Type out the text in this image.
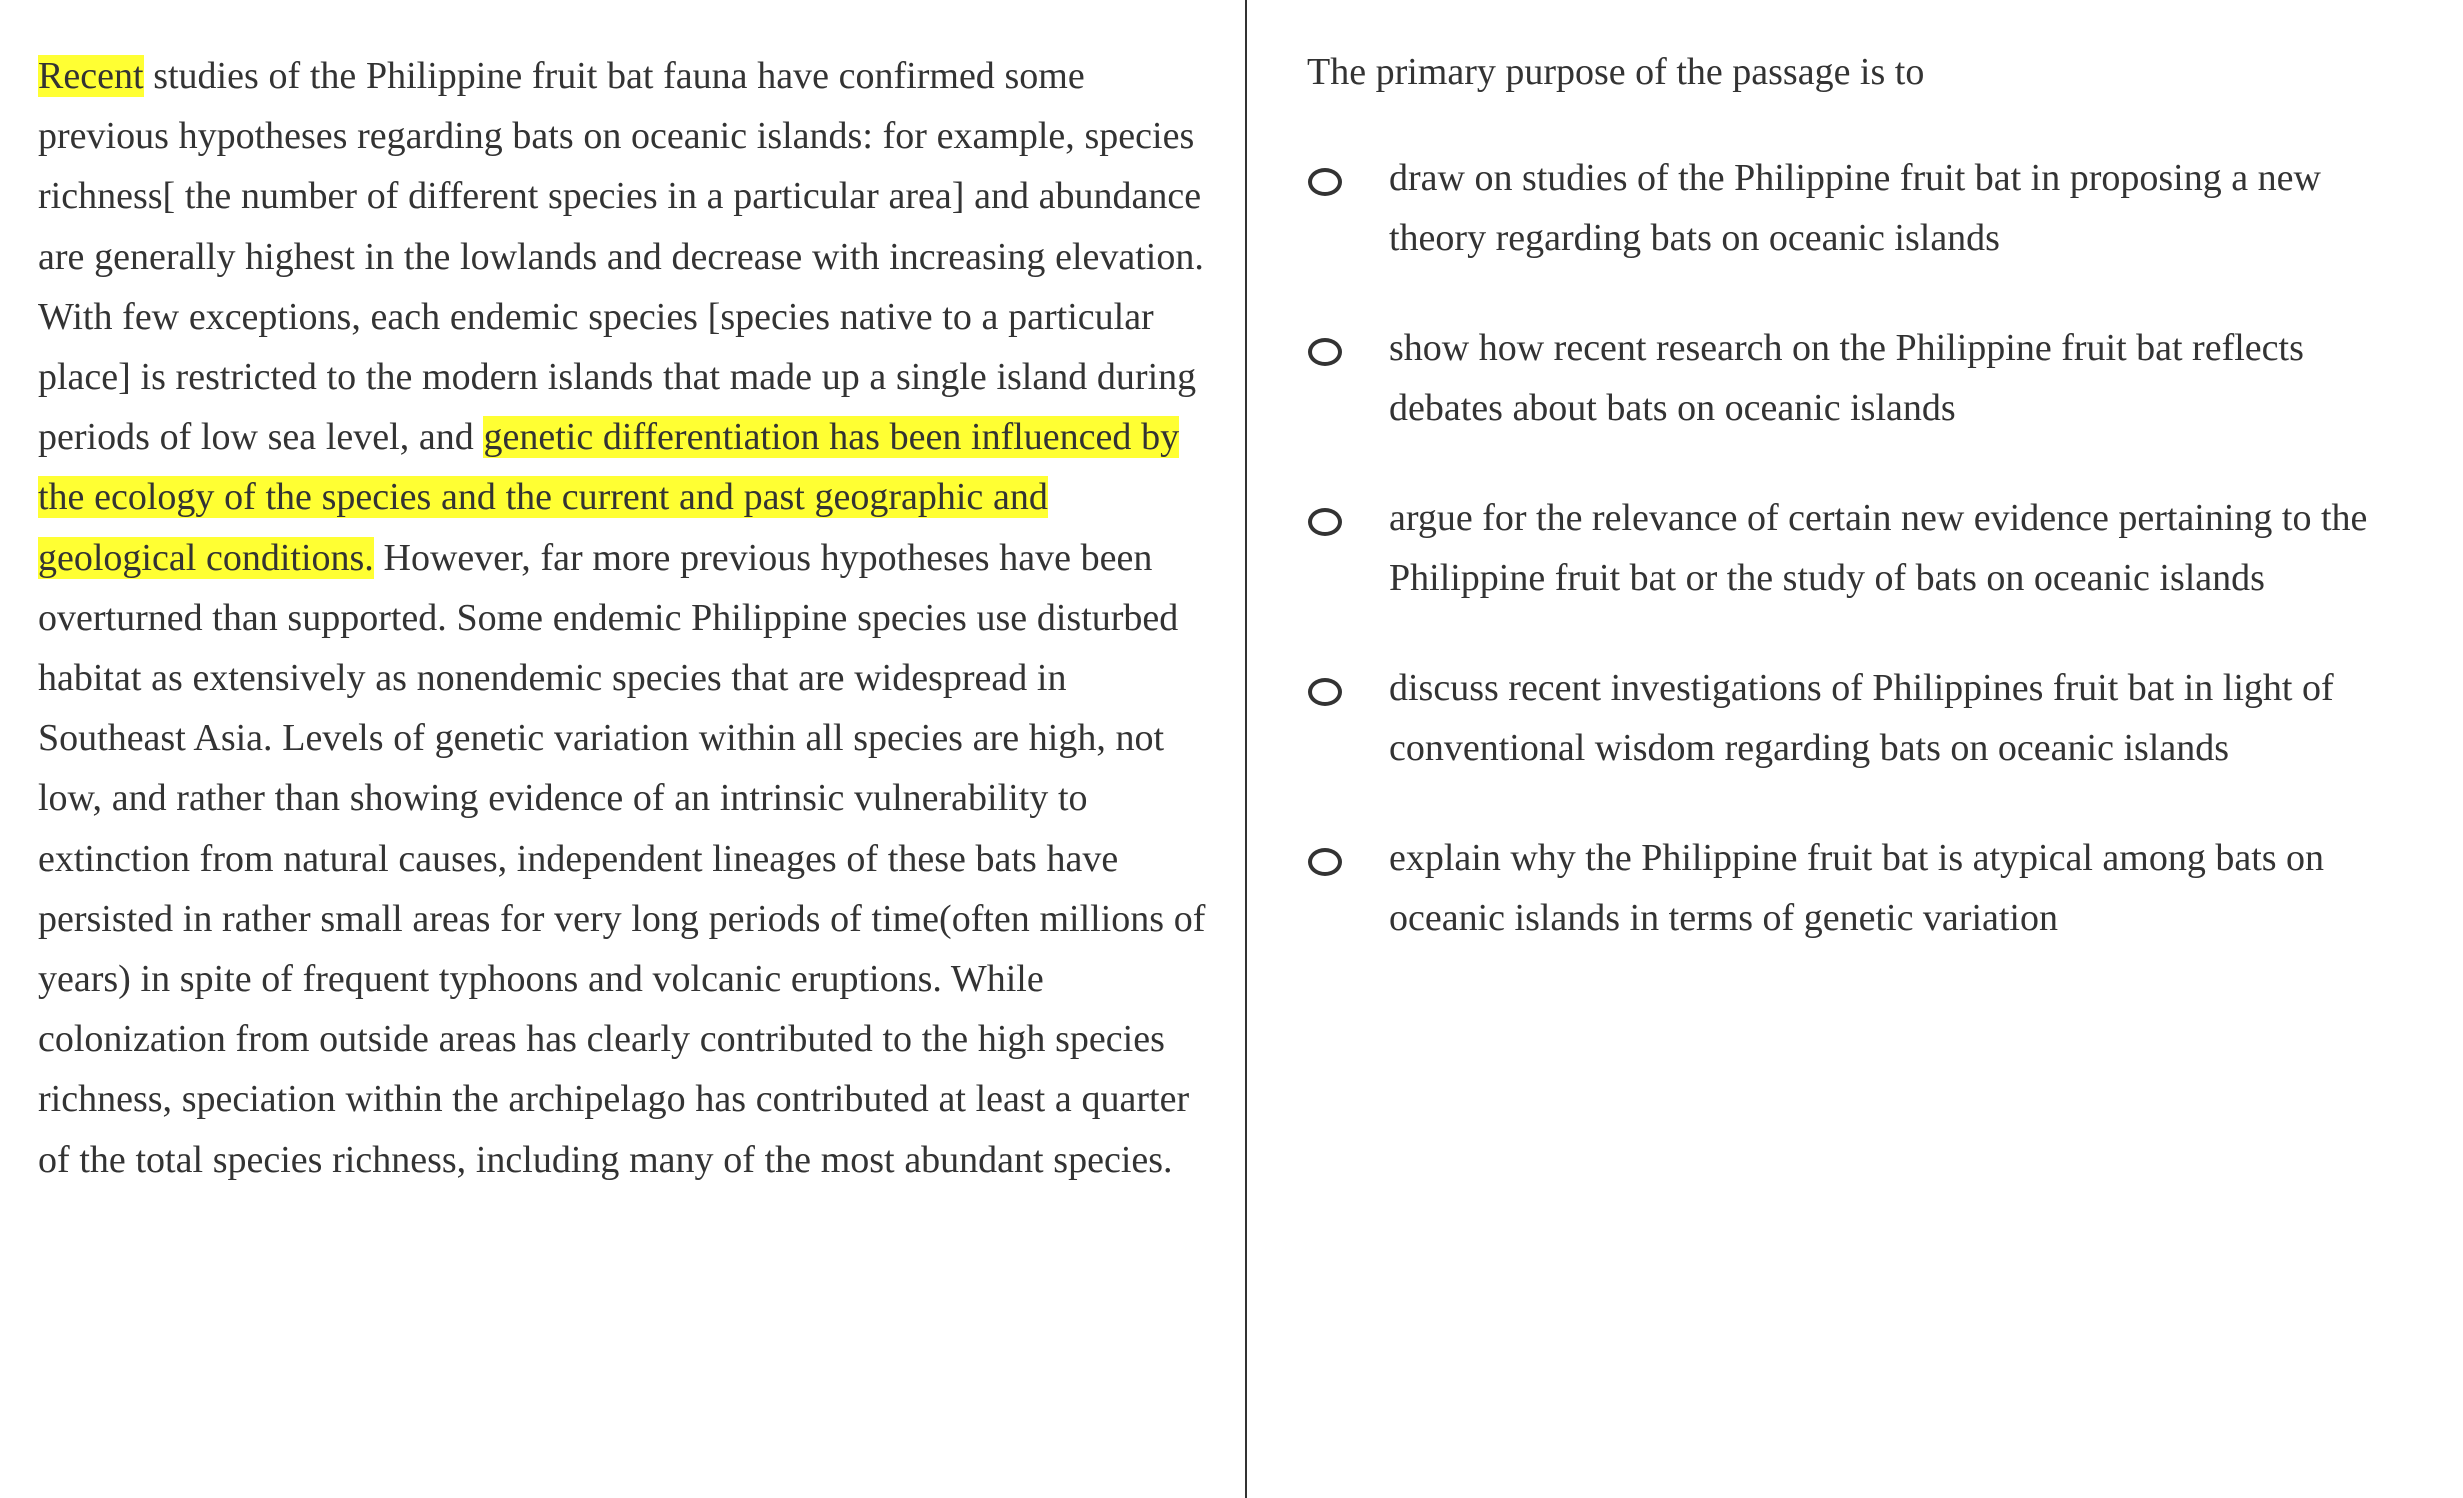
Recent studies of the Philippine fruit bat fauna have confirmed some previous hypotheses regarding bats on oceanic islands: for example, species richness[ the number of different species in a particular area] and abundance are generally highest in the lowlands and decrease with increasing elevation. With few exceptions, each endemic species [species native to a particular place] is restricted to the modern islands that made up a single island during periods of low sea level, and genetic differentiation has been influenced by the ecology of the species and the current and past geographic and geological conditions. However, far more previous hypotheses have been overturned than supported. Some endemic Philippine species use disturbed habitat as extensively as nonendemic species that are widespread in Southeast Asia. Levels of genetic variation within all species are high, not low, and rather than showing evidence of an intrinsic vulnerability to extinction from natural causes, independent lineages of these bats have persisted in rather small areas for very long periods of time(often millions of years) in spite of frequent typhoons and volcanic eruptions. While colonization from outside areas has clearly contributed to the high species richness, speciation within the archipelago has contributed at least a quarter of the total species richness, including many of the most abundant species.

The primary purpose of the passage is to

draw on studies of the Philippine fruit bat in proposing a new theory regarding bats on oceanic islands
show how recent research on the Philippine fruit bat reflects debates about bats on oceanic islands
argue for the relevance of certain new evidence pertaining to the Philippine fruit bat or the study of bats on oceanic islands
discuss recent investigations of Philippines fruit bat in light of conventional wisdom regarding bats on oceanic islands
explain why the Philippine fruit bat is atypical among bats on oceanic islands in terms of genetic variation
